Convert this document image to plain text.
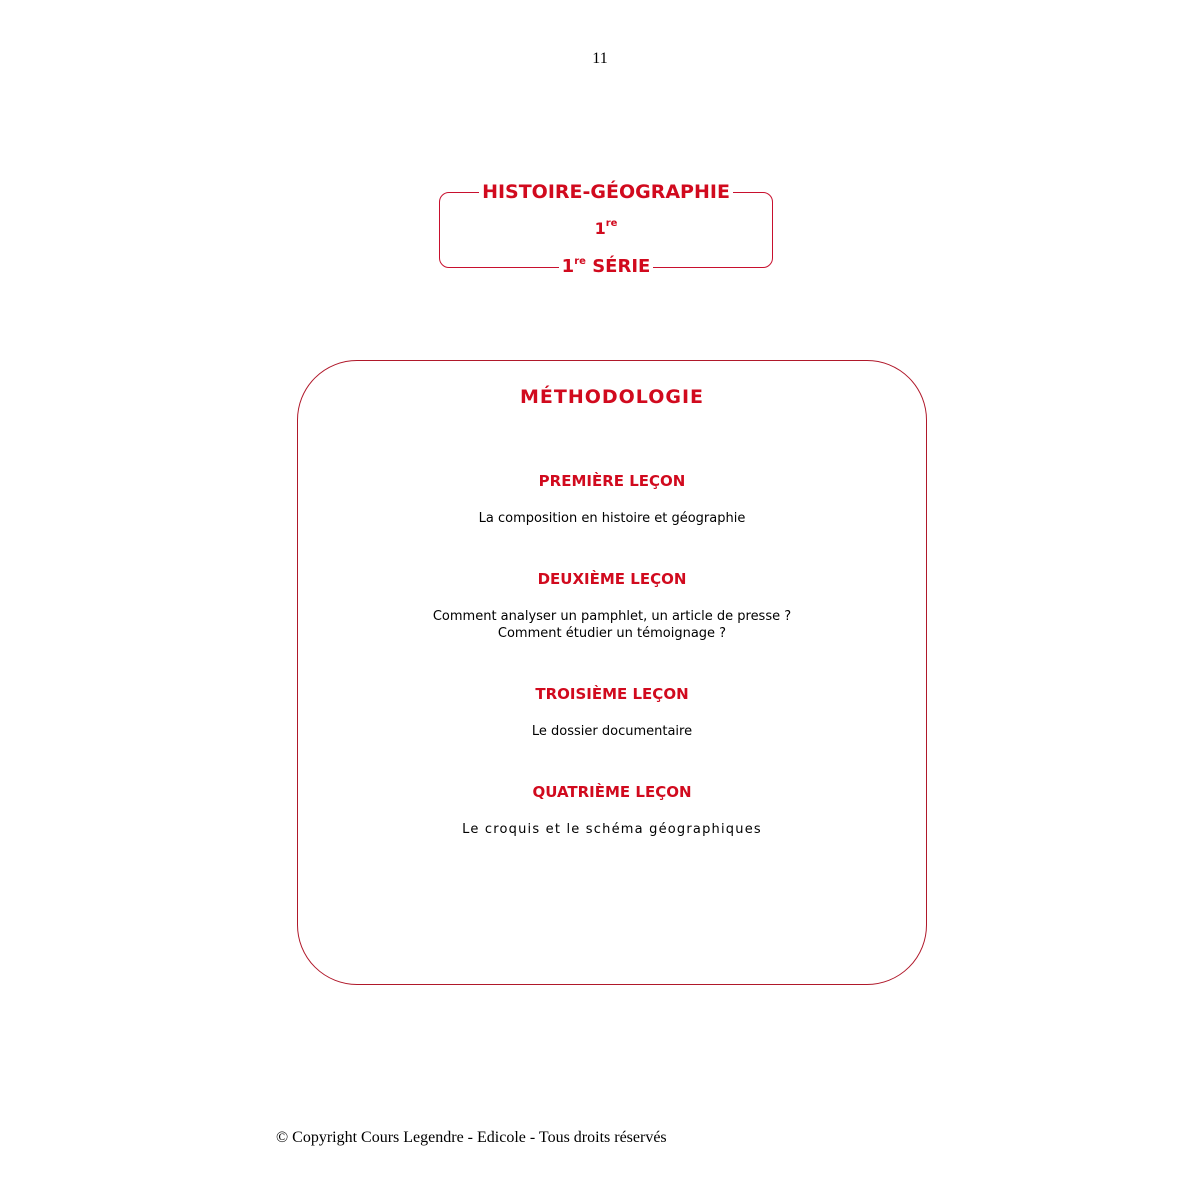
11
HISTOIRE-GÉOGRAPHIE
1re
1re SÉRIE
MÉTHODOLOGIE

PREMIÈRE LEÇON

La composition en histoire et géographie

DEUXIÈME LEÇON

Comment analyser un pamphlet, un article de presse ?
Comment étudier un témoignage ?

TROISIÈME LEÇON

Le dossier documentaire

QUATRIÈME LEÇON

Le croquis et le schéma géographiques

© Copyright Cours Legendre - Edicole - Tous droits réservés
